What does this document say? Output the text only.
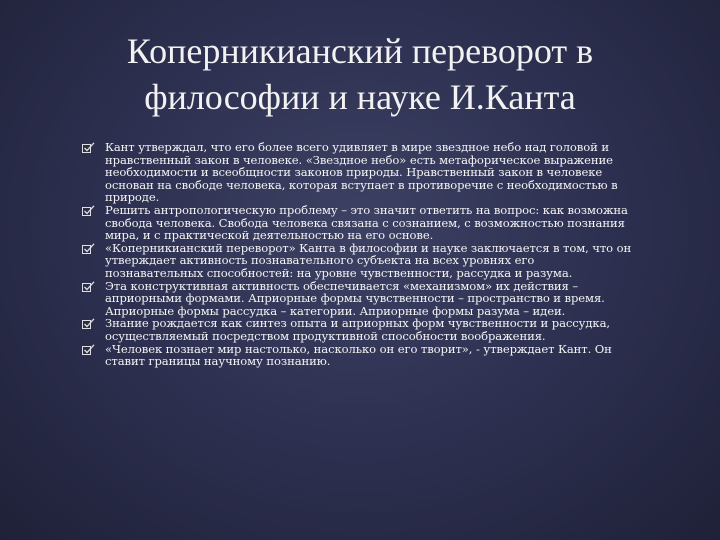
Коперникианский переворот в философии и науке И.Канта
Кант утверждал, что его более всего удивляет в мире звездное небо над головой и нравственный закон в человеке. «Звездное небо» есть метафорическое выражение необходимости и всеобщности законов природы. Нравственный закон в человеке основан на свободе человека, которая вступает в противоречие с необходимостью в природе.
Решить антропологическую проблему – это значит ответить на вопрос: как возможна свобода человека. Свобода человека связана с сознанием, с возможностью познания мира, и с практической деятельностью на его основе.
«Коперникианский переворот» Канта в философии и науке заключается в том, что он утверждает активность познавательного субъекта на всех уровнях его познавательных способностей: на уровне чувственности, рассудка и разума.
Эта конструктивная активность обеспечивается «механизмом» их действия – априорными формами. Априорные формы чувственности – пространство и время. Априорные формы рассудка – категории. Априорные формы разума – идеи.
Знание рождается как синтез опыта и априорных форм чувственности и рассудка, осуществляемый посредством продуктивной способности воображения.
«Человек познает мир настолько, насколько он его творит», - утверждает Кант. Он ставит границы научному познанию.
